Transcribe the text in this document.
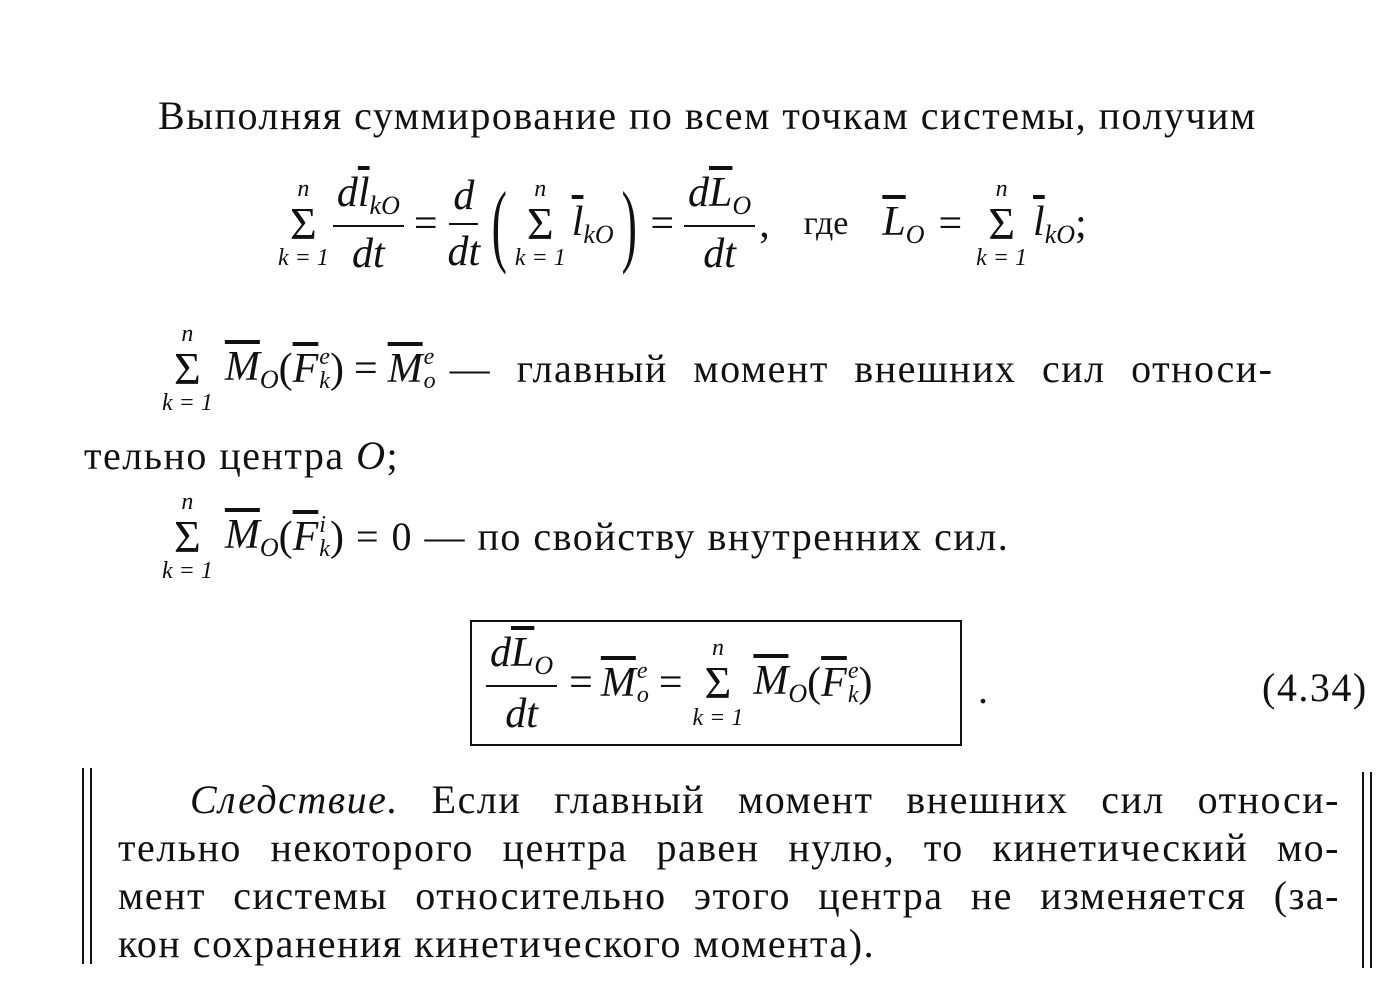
Выполняя суммирование по всем точкам системы, получим
n
Σ
$k = 1 \frac{d\overline{l}_{kO}}{dt} = \frac{d}{dt}$ ( n
Σ
k = 1
$\overline{l}_{kO}$ ) = $\frac{d\overline{L}_O}{dt}$ , где $\overline{L}_O$ =
n
Σ
k = 1
$\overline{l}_{kO}$ ;
n
Σ
k = 1
$\overline{M}_O$ ( $\overline{F}$ e
k ) = $\overline{M}$ e
o — главный момент внешних сил относи-
тельно центра O;
n
Σ
k = 1
$\overline{M}_O$ ( $\overline{F}$ i
k ) = 0 — по свойству внутренних сил.
$\frac{d\overline{L}_O}{dt} = \overline{M}$ e
o =
n
Σ
k = 1
$\overline{M}_O$ ( $\overline{F}$ e
k )	.	(4.34)
Следствие. Если главный момент внешних сил относи-
тельно некоторого центра равен нулю, то кинетический мо-
мент системы относительно этого центра не изменяется (за-
кон сохранения кинетического момента).
